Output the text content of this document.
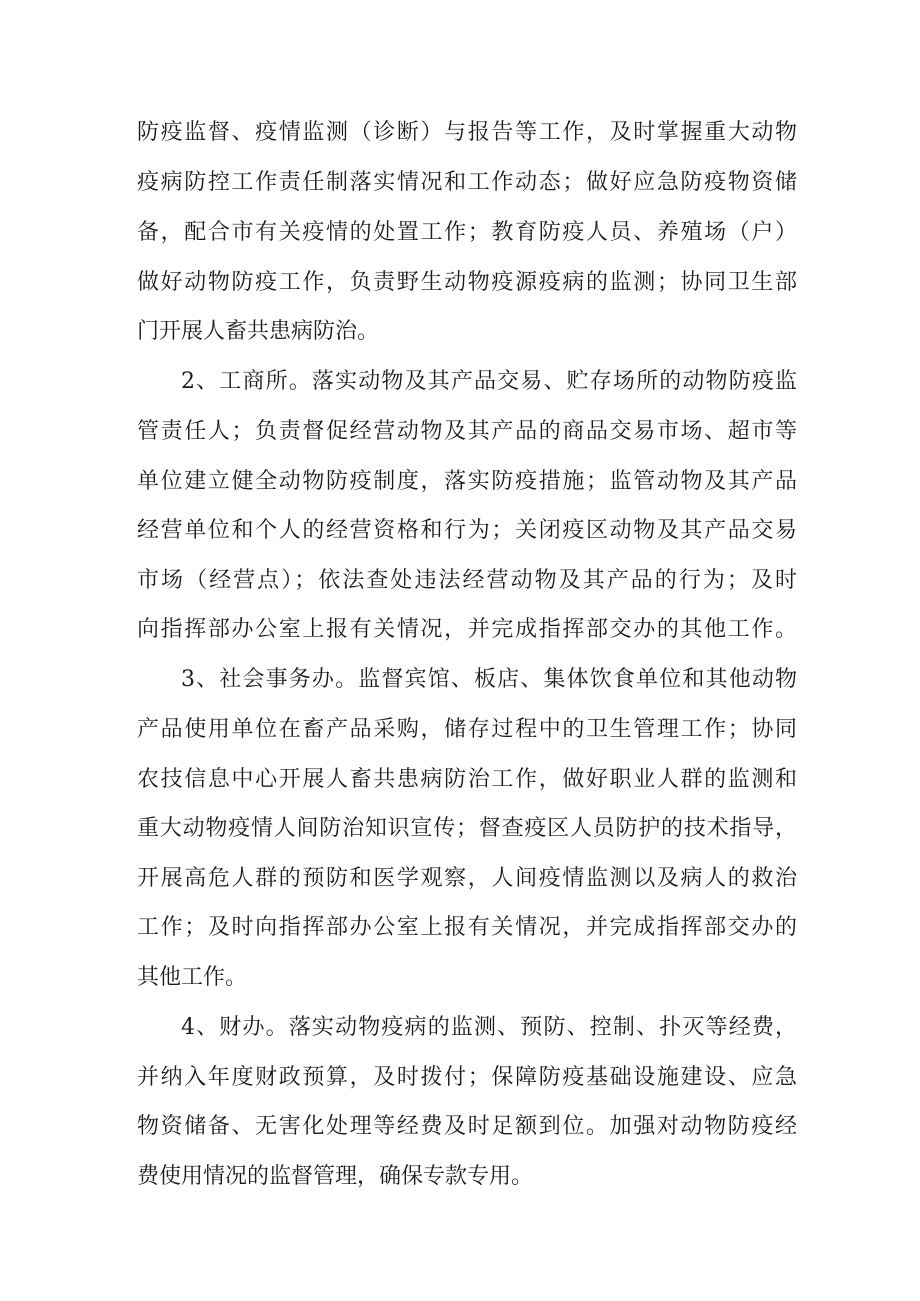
防疫监督、疫情监测（诊断）与报告等工作，及时掌握重大动物

疫病防控工作责任制落实情况和工作动态；做好应急防疫物资储

备，配合市有关疫情的处置工作；教育防疫人员、养殖场（户）

做好动物防疫工作，负责野生动物疫源疫病的监测；协同卫生部

门开展人畜共患病防治。

2、工商所。落实动物及其产品交易、贮存场所的动物防疫监

管责任人；负责督促经营动物及其产品的商品交易市场、超市等

单位建立健全动物防疫制度，落实防疫措施；监管动物及其产品

经营单位和个人的经营资格和行为；关闭疫区动物及其产品交易

市场（经营点）；依法查处违法经营动物及其产品的行为；及时

向指挥部办公室上报有关情况，并完成指挥部交办的其他工作。

3、社会事务办。监督宾馆、板店、集体饮食单位和其他动物

产品使用单位在畜产品采购，储存过程中的卫生管理工作；协同

农技信息中心开展人畜共患病防治工作，做好职业人群的监测和

重大动物疫情人间防治知识宣传；督查疫区人员防护的技术指导，

开展高危人群的预防和医学观察，人间疫情监测以及病人的救治

工作；及时向指挥部办公室上报有关情况，并完成指挥部交办的

其他工作。

4、财办。落实动物疫病的监测、预防、控制、扑灭等经费，

并纳入年度财政预算，及时拨付；保障防疫基础设施建设、应急

物资储备、无害化处理等经费及时足额到位。加强对动物防疫经

费使用情况的监督管理，确保专款专用。
